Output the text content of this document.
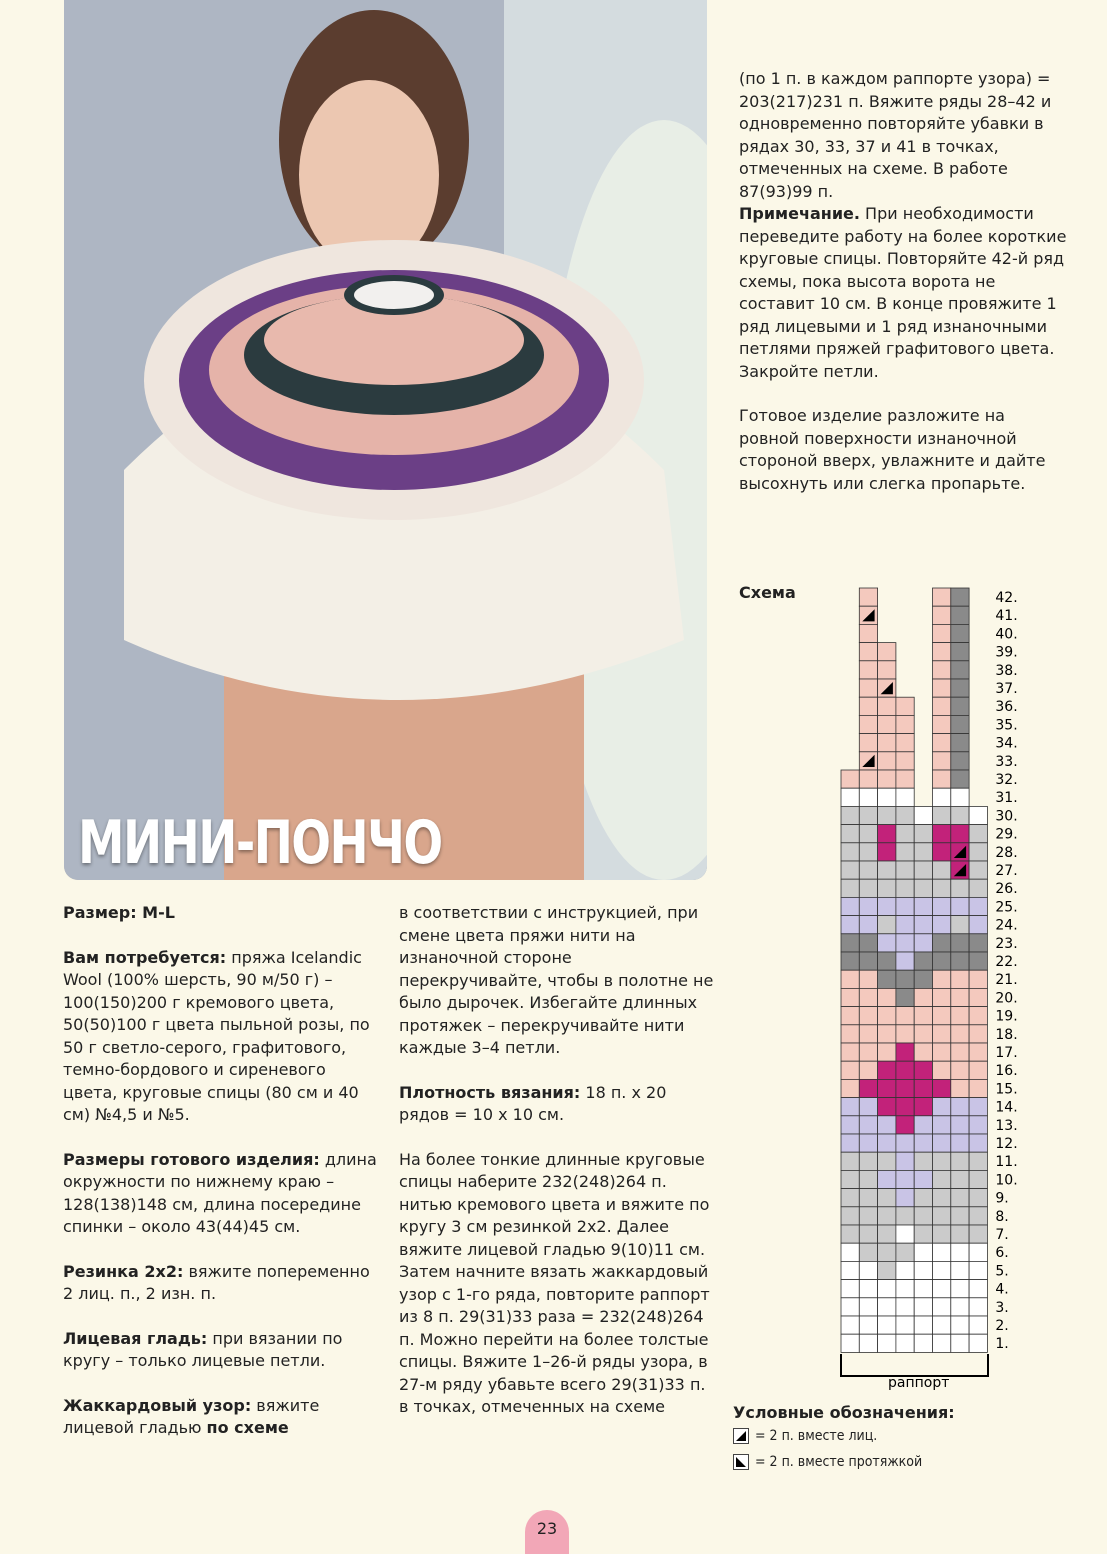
МИНИ-ПОНЧО

(по 1 п. в каждом раппорте узора) = 203(217)231 п. Вяжите ряды 28–42 и одновременно повторяйте убавки в рядах 30, 33, 37 и 41 в точках, отмеченных на схеме. В работе 87(93)99 п.

Примечание. При необходимости переведите работу на более короткие круговые спицы. Повторяйте 42-й ряд схемы, пока высота ворота не составит 10 см. В конце провяжите 1 ряд лицевыми и 1 ряд изнаночными петлями пряжей графитового цвета. Закройте петли.

Готовое изделие разложите на ровной поверхности изнаночной стороной вверх, увлажните и дайте высохнуть или слегка пропарьте.

Схема	42.
41.
40.
39.
38.
37.
36.
35.
34.
33.
32.
31.
30.
29.
28.
27.
26.
25.
24.
23.
22.
21.
20.
19.
18.
17.
16.
15.
14.
13.
12.
11.
10.
9.
8.
7.
6.
5.
4.
3.
2.
1.
раппорт

Размер: M-L

Вам потребуется: пряжа Icelandic Wool (100% шерсть, 90 м/50 г) – 100(150)200 г кремового цвета, 50(50)100 г цвета пыльной розы, по 50 г светло-серого, графитового, темно-бордового и сиреневого цвета, круговые спицы (80 см и 40 см) №4,5 и №5.

Размеры готового изделия: длина окружности по нижнему краю – 128(138)148 см, длина посередине спинки – около 43(44)45 см.

Резинка 2x2: вяжите попеременно 2 лиц. п., 2 изн. п.

Лицевая гладь: при вязании по кругу – только лицевые петли.

Жаккардовый узор: вяжите лицевой гладью по схеме

в соответствии с инструкцией, при смене цвета пряжи нити на изнаночной стороне перекручивайте, чтобы в полотне не было дырочек. Избегайте длинных протяжек – перекручивайте нити каждые 3–4 петли.

Плотность вязания: 18 п. х 20 рядов = 10 х 10 см.

На более тонкие длинные круговые спицы наберите 232(248)264 п. нитью кремового цвета и вяжите по кругу 3 см резинкой 2x2. Далее вяжите лицевой гладью 9(10)11 см. Затем начните вязать жаккардовый узор с 1-го ряда, повторите раппорт из 8 п. 29(31)33 раза = 232(248)264 п. Можно перейти на более толстые спицы. Вяжите 1–26-й ряды узора, в 27-м ряду убавьте всего 29(31)33 п. в точках, отмеченных на схеме	Условные обозначения:
= 2 п. вместе лиц.
= 2 п. вместе протяжкой
23
